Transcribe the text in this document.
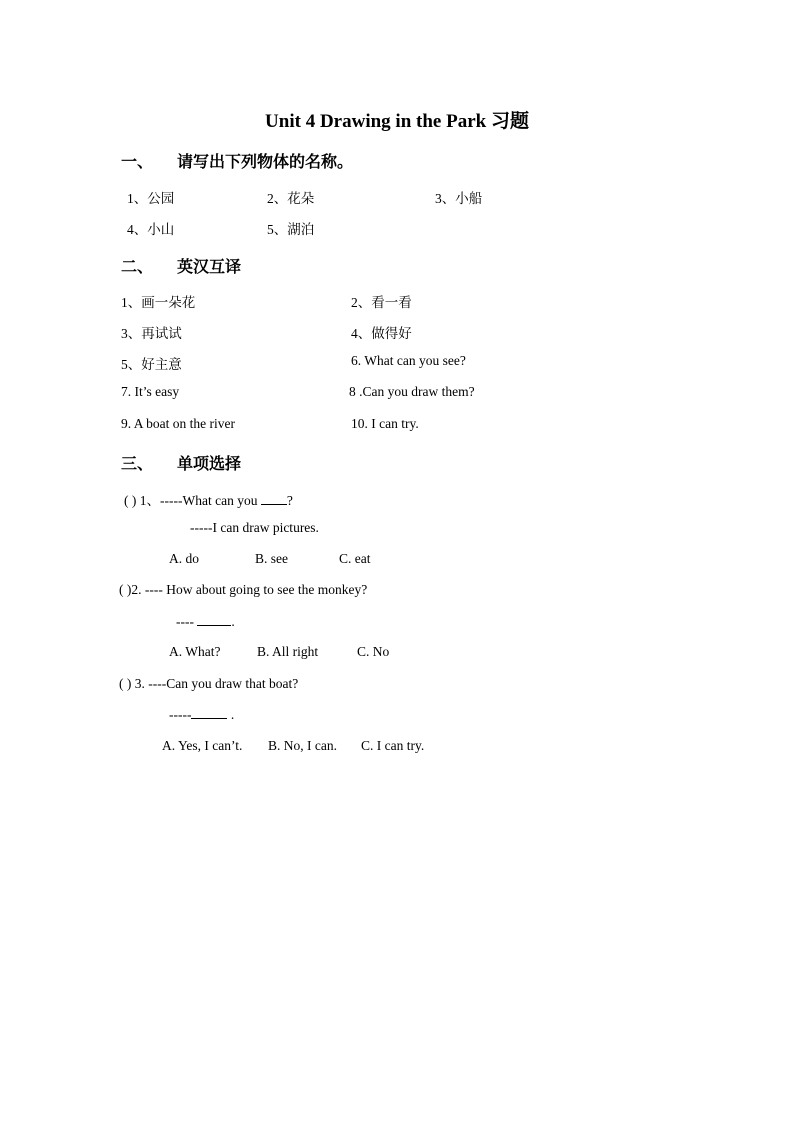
Unit 4 Drawing in the Park 习题
一、 请写出下列物体的名称。
1、公园	2、花朵	3、小船
4、小山	5、湖泊
二、 英汉互译
1、画一朵花	2、看一看
3、再试试	4、做得好
5、好主意	6. What can you see?
7. It’s easy	8 .Can you draw them?
9. A boat on the river	10. I can try.
三、 单项选择
( ) 1、-----What can you ?
-----I can draw pictures.
A. do	B. see	C. eat
( )2. ---- How about going to see the monkey?
----	.
A. What?	B. All right	C. No
( ) 3. ----Can you draw that boat?
-----	.
A. Yes, I can’t. B. No, I can. C. I can try.
